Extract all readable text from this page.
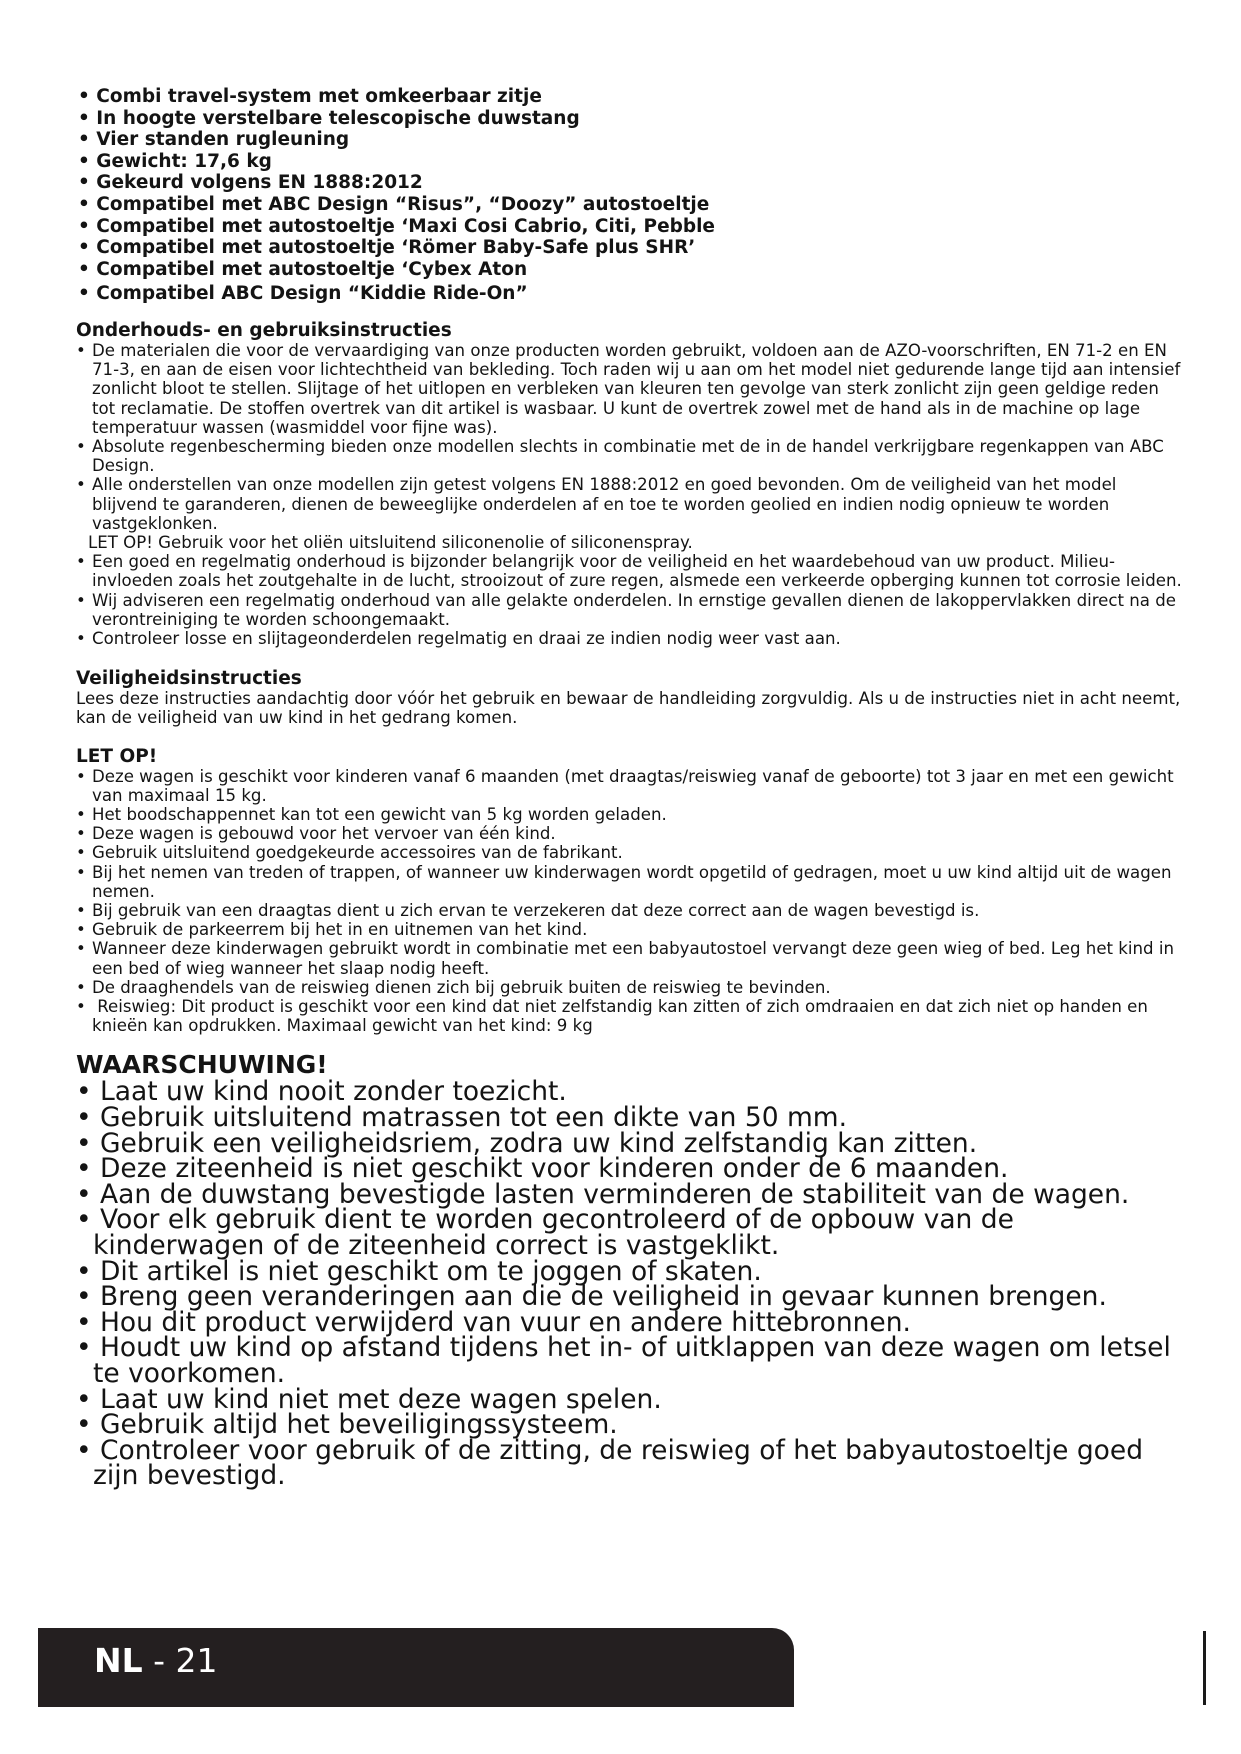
• Combi travel-system met omkeerbaar zitje
• In hoogte verstelbare telescopische duwstang
• Vier standen rugleuning
• Gewicht: 17,6 kg
• Gekeurd volgens EN 1888:2012
• Compatibel met ABC Design “Risus”, “Doozy” autostoeltje
• Compatibel met autostoeltje ‘Maxi Cosi Cabrio, Citi, Pebble
• Compatibel met autostoeltje ‘Römer Baby-Safe plus SHR’
• Compatibel met autostoeltje ‘Cybex Aton
• Compatibel ABC Design “Kiddie Ride-On”
Onderhouds- en gebruiksinstructies
• De materialen die voor de vervaardiging van onze producten worden gebruikt, voldoen aan de AZO-voorschriften, EN 71-2 en EN 71-3, en aan de eisen voor lichtechtheid van bekleding. Toch raden wij u aan om het model niet gedurende lange tijd aan intensief zonlicht bloot te stellen. Slijtage of het uitlopen en verbleken van kleuren ten gevolge van sterk zonlicht zijn geen geldige reden tot reclamatie. De stoffen overtrek van dit artikel is wasbaar. U kunt de overtrek zowel met de hand als in de machine op lage temperatuur wassen (wasmiddel voor fijne was).
• Absolute regenbescherming bieden onze modellen slechts in combinatie met de in de handel verkrijgbare regenkappen van ABC Design.
• Alle onderstellen van onze modellen zijn getest volgens EN 1888:2012 en goed bevonden. Om de veiligheid van het model blijvend te garanderen, dienen de beweeglijke onderdelen af en toe te worden geolied en indien nodig opnieuw te worden vastgeklonken.
LET OP! Gebruik voor het oliën uitsluitend siliconenolie of siliconenspray.
• Een goed en regelmatig onderhoud is bijzonder belangrijk voor de veiligheid en het waardebehoud van uw product. Milieu-invloeden zoals het zoutgehalte in de lucht, strooizout of zure regen, alsmede een verkeerde opberging kunnen tot corrosie leiden.
• Wij adviseren een regelmatig onderhoud van alle gelakte onderdelen. In ernstige gevallen dienen de lakoppervlakken direct na de verontreiniging te worden schoongemaakt.
• Controleer losse en slijtageonderdelen regelmatig en draai ze indien nodig weer vast aan.
Veiligheidsinstructies
Lees deze instructies aandachtig door vóór het gebruik en bewaar de handleiding zorgvuldig. Als u de instructies niet in acht neemt, kan de veiligheid van uw kind in het gedrang komen.
LET OP!
• Deze wagen is geschikt voor kinderen vanaf 6 maanden (met draagtas/reiswieg vanaf de geboorte) tot 3 jaar en met een gewicht van maximaal 15 kg.
• Het boodschappennet kan tot een gewicht van 5 kg worden geladen.
• Deze wagen is gebouwd voor het vervoer van één kind.
• Gebruik uitsluitend goedgekeurde accessoires van de fabrikant.
• Bij het nemen van treden of trappen, of wanneer uw kinderwagen wordt opgetild of gedragen, moet u uw kind altijd uit de wagen nemen.
• Bij gebruik van een draagtas dient u zich ervan te verzekeren dat deze correct aan de wagen bevestigd is.
• Gebruik de parkeerrem bij het in en uitnemen van het kind.
• Wanneer deze kinderwagen gebruikt wordt in combinatie met een babyautostoel vervangt deze geen wieg of bed. Leg het kind in een bed of wieg wanneer het slaap nodig heeft.
• De draaghendels van de reiswieg dienen zich bij gebruik buiten de reiswieg te bevinden.
• Reiswieg: Dit product is geschikt voor een kind dat niet zelfstandig kan zitten of zich omdraaien en dat zich niet op handen en knieën kan opdrukken. Maximaal gewicht van het kind: 9 kg
WAARSCHUWING!
• Laat uw kind nooit zonder toezicht.
• Gebruik uitsluitend matrassen tot een dikte van 50 mm.
• Gebruik een veiligheidsriem, zodra uw kind zelfstandig kan zitten.
• Deze ziteenheid is niet geschikt voor kinderen onder de 6 maanden.
• Aan de duwstang bevestigde lasten verminderen de stabiliteit van de wagen.
• Voor elk gebruik dient te worden gecontroleerd of de opbouw van de kinderwagen of de ziteenheid correct is vastgeklikt.
• Dit artikel is niet geschikt om te joggen of skaten.
• Breng geen veranderingen aan die de veiligheid in gevaar kunnen brengen.
• Hou dit product verwijderd van vuur en andere hittebronnen.
• Houdt uw kind op afstand tijdens het in- of uitklappen van deze wagen om letsel te voorkomen.
• Laat uw kind niet met deze wagen spelen.
• Gebruik altijd het beveiligingssysteem.
• Controleer voor gebruik of de zitting, de reiswieg of het babyautostoeltje goed zijn bevestigd.
NL - 21
